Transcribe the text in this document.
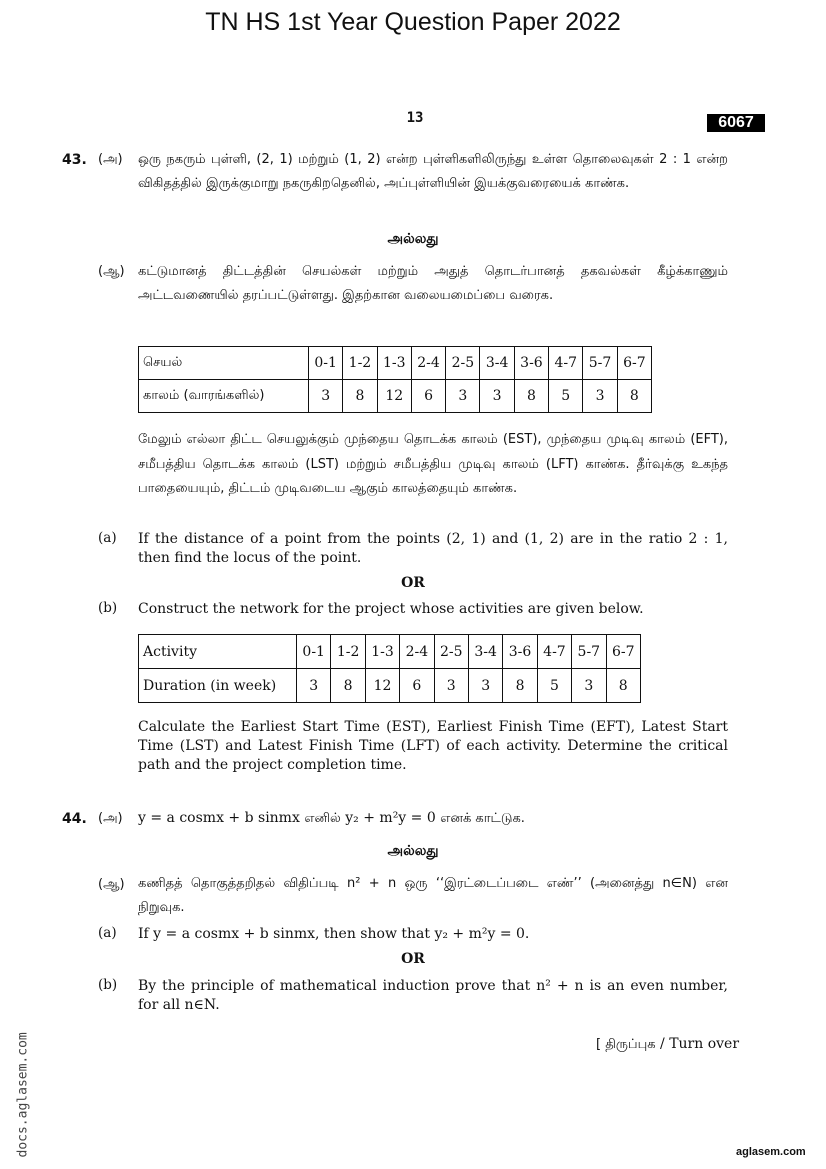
TN HS 1st Year Question Paper 2022
13	6067
43. (அ) ஒரு நகரும் புள்ளி, (2, 1) மற்றும் (1, 2) என்ற புள்ளிகளிலிருந்து உள்ள தொலைவுகள் 2 : 1 என்ற விகிதத்தில் இருக்குமாறு நகருகிறதெனில், அப்புள்ளியின் இயக்குவரையைக் காண்க.
அல்லது
(ஆ) கட்டுமானத் திட்டத்தின் செயல்கள் மற்றும் அதுத் தொடர்பானத் தகவல்கள் கீழ்க்காணும் அட்டவணையில் தரப்பட்டுள்ளது. இதற்கான வலையமைப்பை வரைக.
செயல்	0-1	1-2	1-3	2-4	2-5	3-4	3-6	4-7	5-7	6-7
காலம் (வாரங்களில்)	3	8	12	6	3	3	8	5	3	8
மேலும் எல்லா திட்ட செயலுக்கும் முந்தைய தொடக்க காலம் (EST), முந்தைய முடிவு காலம் (EFT), சமீபத்திய தொடக்க காலம் (LST) மற்றும் சமீபத்திய முடிவு காலம் (LFT) காண்க. தீர்வுக்கு உகந்த பாதையையும், திட்டம் முடிவடைய ஆகும் காலத்தையும் காண்க.
(a) If the distance of a point from the points (2, 1) and (1, 2) are in the ratio 2 : 1, then find the locus of the point.
OR
(b) Construct the network for the project whose activities are given below.
Activity	0-1	1-2	1-3	2-4	2-5	3-4	3-6	4-7	5-7	6-7
Duration (in week)	3	8	12	6	3	3	8	5	3	8
Calculate the Earliest Start Time (EST), Earliest Finish Time (EFT), Latest Start Time (LST) and Latest Finish Time (LFT) of each activity. Determine the critical path and the project completion time.
44. (அ) y = a cosmx + b sinmx எனில் y₂ + m²y = 0 எனக் காட்டுக.
அல்லது
(ஆ) கணிதத் தொகுத்தறிதல் விதிப்படி n² + n ஒரு ‘‘இரட்டைப்படை எண்’’ (அனைத்து n∈N) என நிறுவுக.
(a) If y = a cosmx + b sinmx, then show that y₂ + m²y = 0.
OR
(b) By the principle of mathematical induction prove that n² + n is an even number, for all n∈N.
[ திருப்புக / Turn over
docs.aglasem.com	aglasem.com
